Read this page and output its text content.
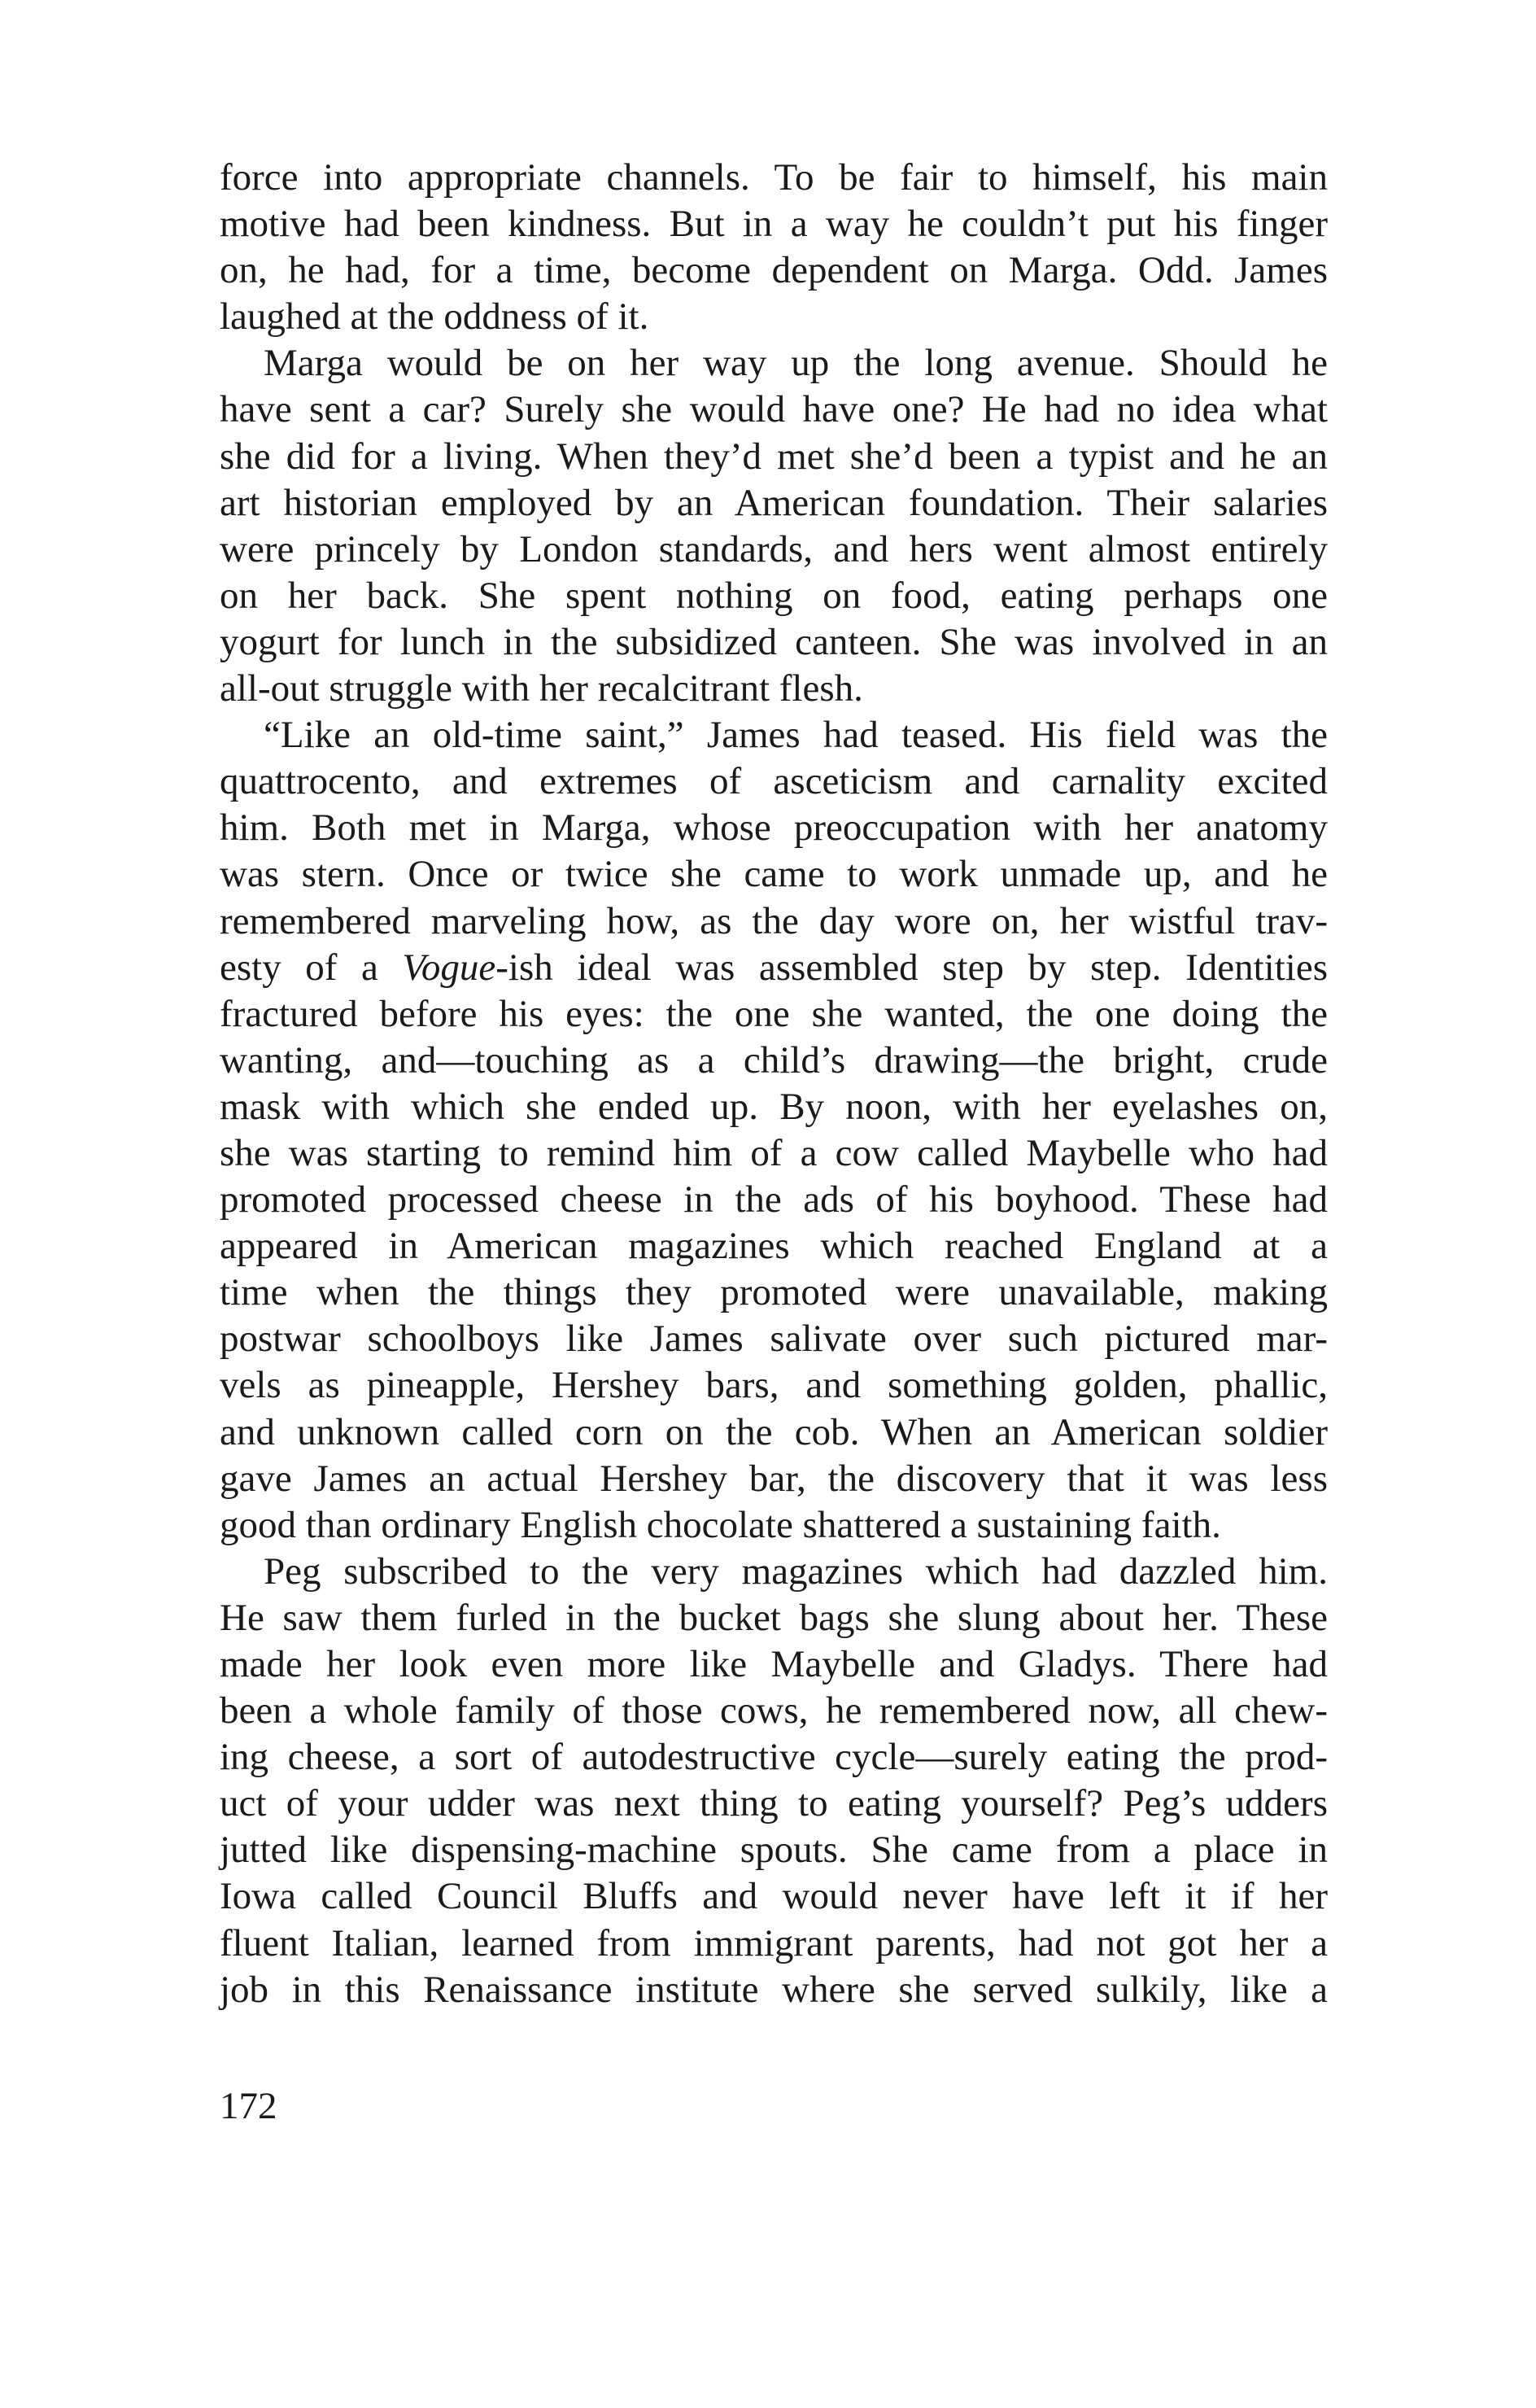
force into appropriate channels. To be fair to himself, his main
motive had been kindness. But in a way he couldn’t put his finger
on, he had, for a time, become dependent on Marga. Odd. James
laughed at the oddness of it.
Marga would be on her way up the long avenue. Should he
have sent a car? Surely she would have one? He had no idea what
she did for a living. When they’d met she’d been a typist and he an
art historian employed by an American foundation. Their salaries
were princely by London standards, and hers went almost entirely
on her back. She spent nothing on food, eating perhaps one
yogurt for lunch in the subsidized canteen. She was involved in an
all-out struggle with her recalcitrant flesh.
“Like an old-time saint,” James had teased. His field was the
quattrocento, and extremes of asceticism and carnality excited
him. Both met in Marga, whose preoccupation with her anatomy
was stern. Once or twice she came to work unmade up, and he
remembered marveling how, as the day wore on, her wistful trav-
esty of a Vogue-ish ideal was assembled step by step. Identities
fractured before his eyes: the one she wanted, the one doing the
wanting, and—touching as a child’s drawing—the bright, crude
mask with which she ended up. By noon, with her eyelashes on,
she was starting to remind him of a cow called Maybelle who had
promoted processed cheese in the ads of his boyhood. These had
appeared in American magazines which reached England at a
time when the things they promoted were unavailable, making
postwar schoolboys like James salivate over such pictured mar-
vels as pineapple, Hershey bars, and something golden, phallic,
and unknown called corn on the cob. When an American soldier
gave James an actual Hershey bar, the discovery that it was less
good than ordinary English chocolate shattered a sustaining faith.
Peg subscribed to the very magazines which had dazzled him.
He saw them furled in the bucket bags she slung about her. These
made her look even more like Maybelle and Gladys. There had
been a whole family of those cows, he remembered now, all chew-
ing cheese, a sort of autodestructive cycle—surely eating the prod-
uct of your udder was next thing to eating yourself? Peg’s udders
jutted like dispensing-machine spouts. She came from a place in
Iowa called Council Bluffs and would never have left it if her
fluent Italian, learned from immigrant parents, had not got her a
job in this Renaissance institute where she served sulkily, like a
172
